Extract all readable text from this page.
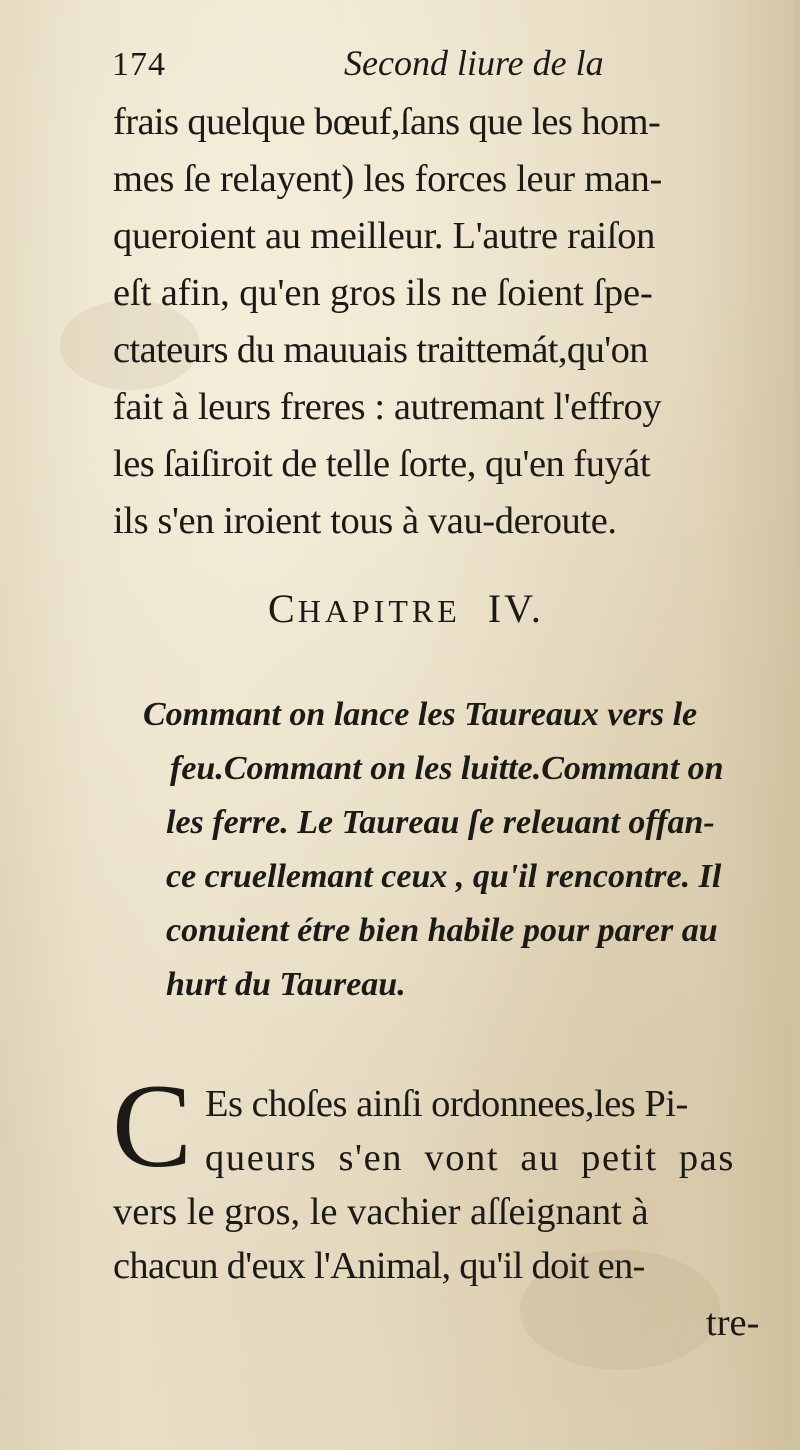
174	Second liure de la
frais quelque bœuf,ſans que les hom-
mes ſe relayent) les forces leur man-
queroient au meilleur. L'autre raiſon
eſt afin, qu'en gros ils ne ſoient ſpe-
ctateurs du mauuais traittemát,qu'on
fait à leurs freres : autremant l'effroy
les ſaiſiroit de telle ſorte, qu'en fuyát
ils s'en iroient tous à vau-deroute.
CHAPITRE IV.
Commant on lance les Taureaux vers le
feu.Commant on les luitte.Commant on
les ferre. Le Taureau ſe releuant offan-
ce cruellemant ceux , qu'il rencontre. Il
conuient étre bien habile pour parer au
hurt du Taureau.
C Es choſes ainſi ordonnees,les Pi-
queurs s'en vont au petit pas
vers le gros, le vachier aſſeignant à
chacun d'eux l'Animal, qu'il doit en-
tre-
